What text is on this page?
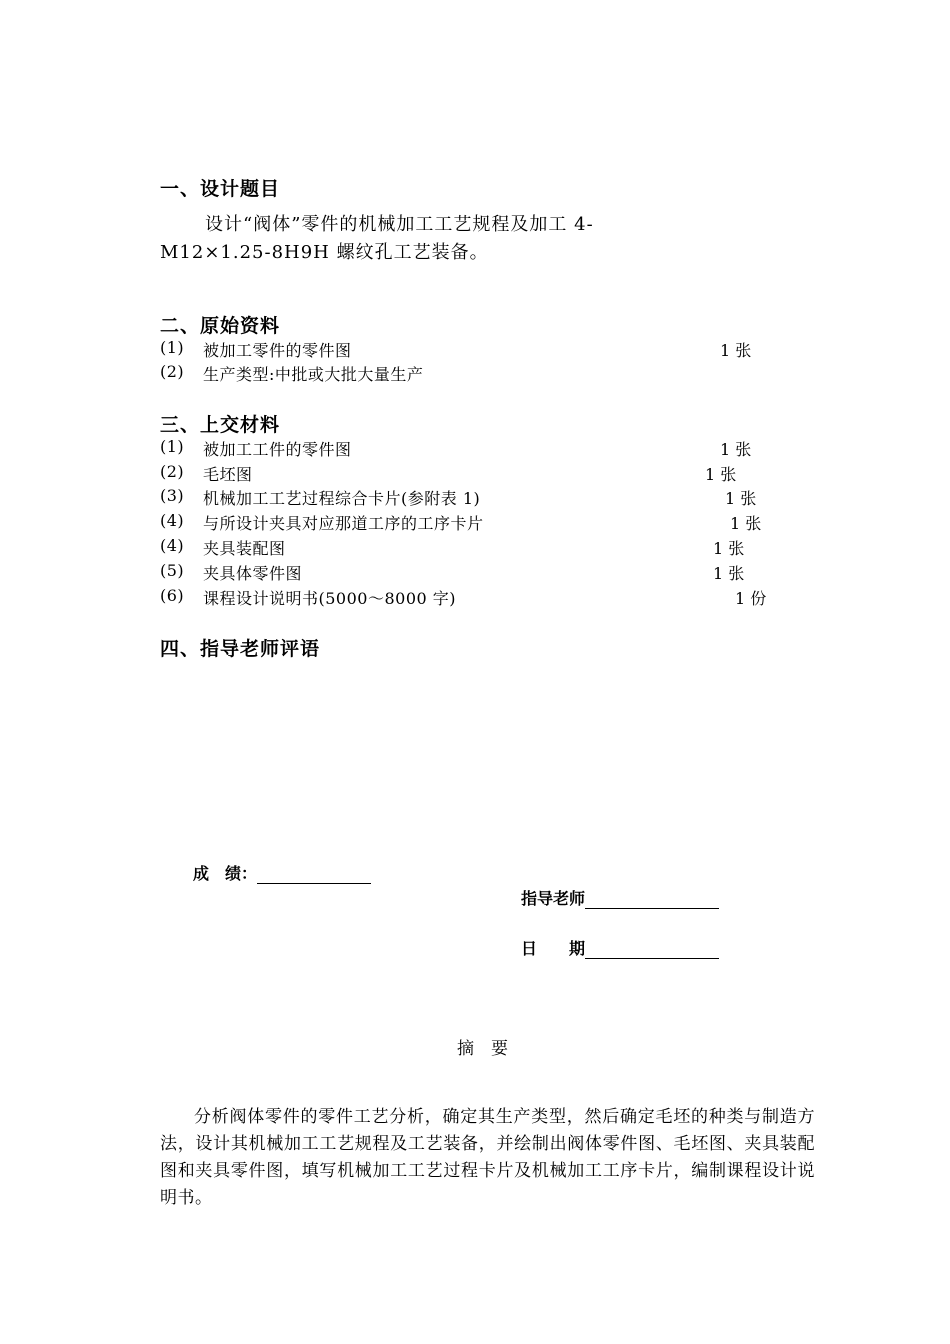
一、设计题目
设计“阀体”零件的机械加工工艺规程及加工 4-
M12×1.25-8H9H 螺纹孔工艺装备。
二、原始资料
(1) 被加工零件的零件图	1 张
(2) 生产类型:中批或大批大量生产
三、上交材料
(1) 被加工工件的零件图	1 张
(2) 毛坯图	1 张
(3) 机械加工工艺过程综合卡片(参附表 1)	1 张
(4) 与所设计夹具对应那道工序的工序卡片	1 张
(4) 夹具装配图	1 张
(5) 夹具体零件图	1 张
(6) 课程设计说明书(5000～8000 字)	1 份
四、指导老师评语
成　绩：
指导老师
日　　期
摘　要
分析阀体零件的零件工艺分析，确定其生产类型，然后确定毛坯的种类与制造方法，设计其机械加工工艺规程及工艺装备，并绘制出阀体零件图、毛坯图、夹具装配图和夹具零件图，填写机械加工工艺过程卡片及机械加工工序卡片，编制课程设计说明书。
